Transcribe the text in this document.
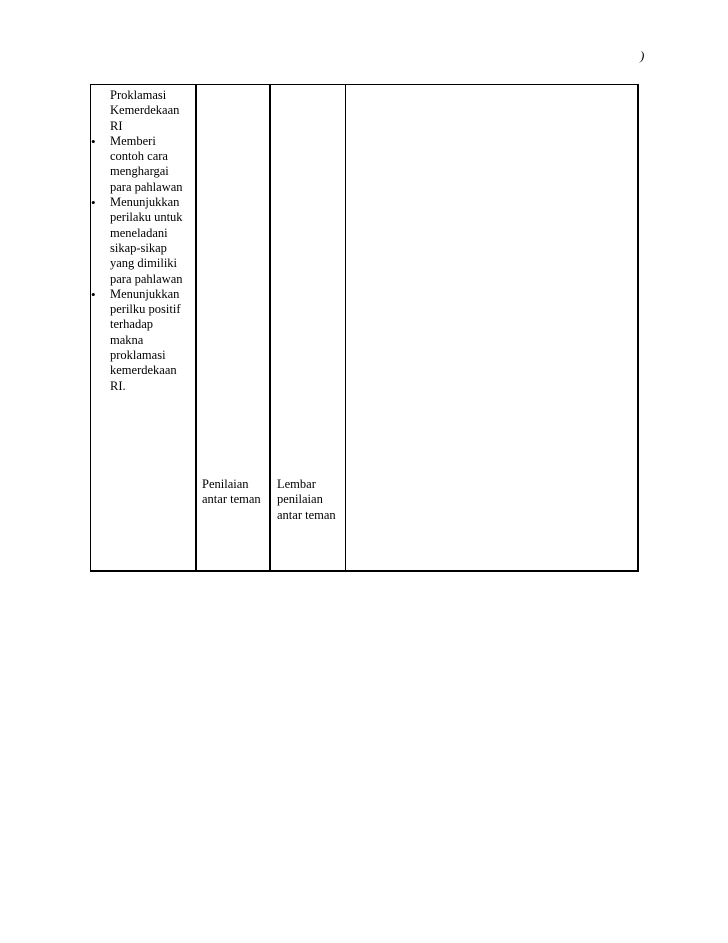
)

Proklamasi
Kemerdekaan
RI

• Memberi
contoh cara
menghargai
para pahlawan

• Menunjukkan
perilaku untuk
meneladani
sikap-sikap
yang dimiliki
para pahlawan

• Menunjukkan
perilku positif
terhadap
makna
proklamasi
kemerdekaan
RI.

Penilaian
antar teman
Lembar
penilaian
antar teman
